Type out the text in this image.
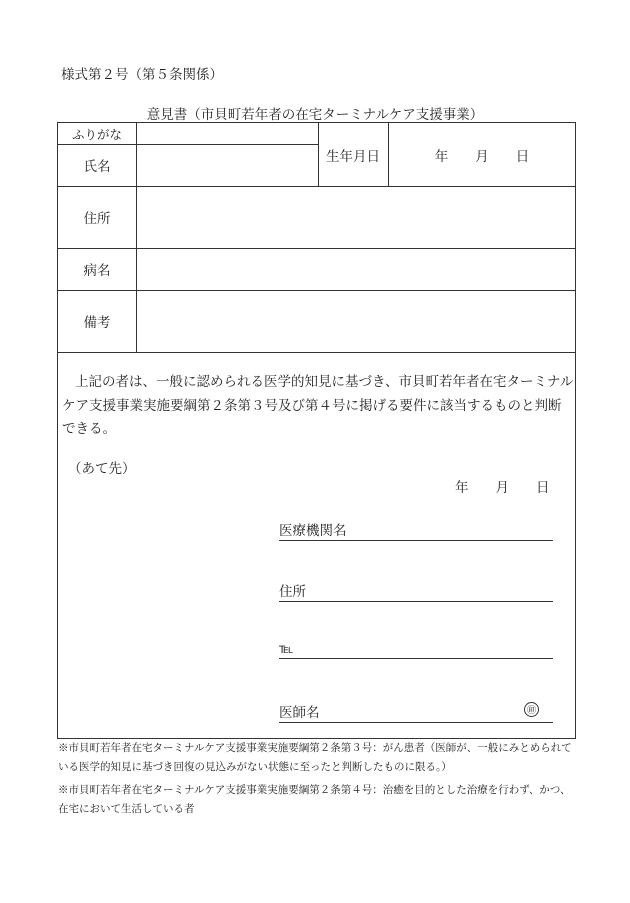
様式第２号（第５条関係）
意見書（市貝町若年者の在宅ターミナルケア支援事業）
ふりがな
氏名
生年月日	年　　月　　日
住所
病名
備考
上記の者は、一般に認められる医学的知見に基づき、市貝町若年者在宅ターミナルケア支援事業実施要綱第２条第３号及び第４号に掲げる要件に該当するものと判断できる。
（あて先）
年　　月　　日
医療機関名
住所
℡
医師名	㊞
※市貝町若年者在宅ターミナルケア支援事業実施要綱第２条第３号：がん患者（医師が、一般にみとめられている医学的知見に基づき回復の見込みがない状態に至ったと判断したものに限る。）
※市貝町若年者在宅ターミナルケア支援事業実施要綱第２条第４号：治癒を目的とした治療を行わず、かつ、在宅において生活している者
